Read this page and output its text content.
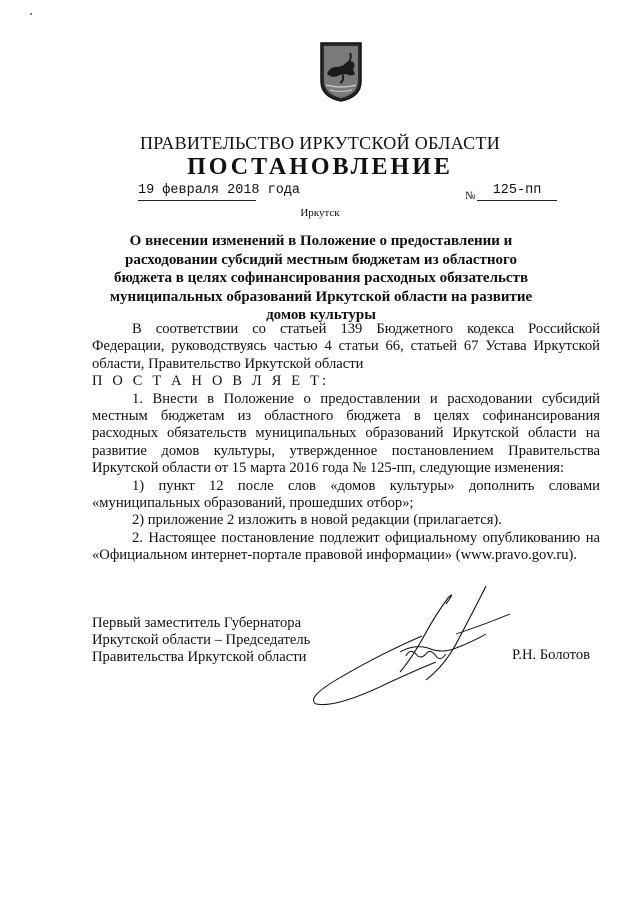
ПРАВИТЕЛЬСТВО ИРКУТСКОЙ ОБЛАСТИ
ПОСТАНОВЛЕНИЕ
19 февраля 2018 года	№	125-пп
Иркутск
О внесении изменений в Положение о предоставлении и расходовании субсидий местным бюджетам из областного бюджета в целях софинансирования расходных обязательств муниципальных образований Иркутской области на развитие домов культуры

В соответствии со статьей 139 Бюджетного кодекса Российской Федерации, руководствуясь частью 4 статьи 66, статьей 67 Устава Иркутской области, Правительство Иркутской области

П О С Т А Н О В Л Я Е Т:

1. Внести в Положение о предоставлении и расходовании субсидий местным бюджетам из областного бюджета в целях софинансирования расходных обязательств муниципальных образований Иркутской области на развитие домов культуры, утвержденное постановлением Правительства Иркутской области от 15 марта 2016 года № 125-пп, следующие изменения:

1) пункт 12 после слов «домов культуры» дополнить словами «муниципальных образований, прошедших отбор»;

2) приложение 2 изложить в новой редакции (прилагается).

2. Настоящее постановление подлежит официальному опубликованию на «Официальном интернет-портале правовой информации» (www.pravo.gov.ru).

Первый заместитель Губернатора
Иркутской области – Председатель
Правительства Иркутской области	Р.Н. Болотов
